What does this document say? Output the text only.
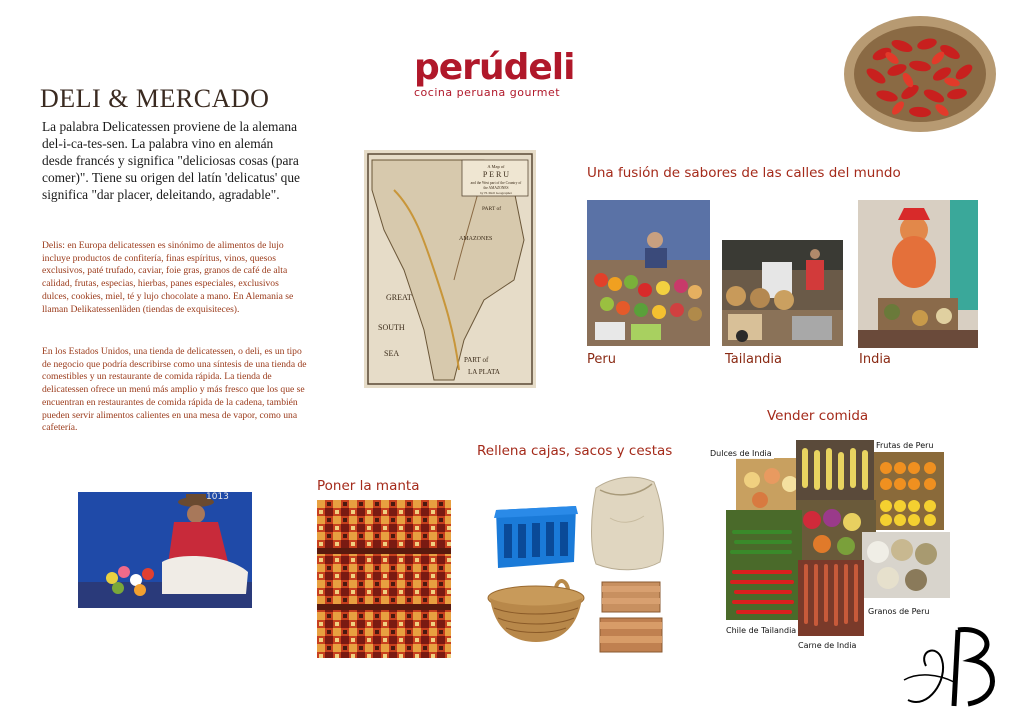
DELI & MERCADO
La palabra Delicatessen proviene de la alemana del-i-ca-tes-sen. La palabra vino en alemán desde francés y significa "deliciosas cosas (para comer)". Tiene su origen del latín 'delicatus' que significa "dar placer, deleitando, agradable".
Delis: en Europa delicatessen es sinónimo de alimentos de lujo incluye productos de confitería, finas espíritus, vinos, quesos exclusivos, paté trufado, caviar, foie gras, granos de café de alta calidad, frutas, especias, hierbas, panes especiales, exclusivos dulces, cookies, miel, té y lujo chocolate a mano. En Alemania se llaman Delikatessenläden (tiendas de exquisiteces).
En los Estados Unidos, una tienda de delicatessen, o deli, es un tipo de negocio que podría describirse como una síntesis de una tienda de comestibles y un restaurante de comida rápida. La tienda de delicatessen ofrece un menú más amplio y más fresco que los que se encuentran en restaurantes de comida rápida de la cadena, también pueden servir alimentos calientes en una mesa de vapor, como una cafetería.
perúdeli
cocina peruana gourmet
A Map of
P E R U
and the West part of the Country of
the AMAZONES
by H. Moll Geographer
AMAZONES
PART of
GREAT
SOUTH
SEA
PART of
LA PLATA
Una fusión de sabores de las calles del mundo
Peru	Tailandia	India
Vender comida
Dulces de India
Frutas de Peru
Granos de Peru
Chile de Tailandia
Carne de India
Rellena cajas, sacos y cestas
Poner la manta
1013
